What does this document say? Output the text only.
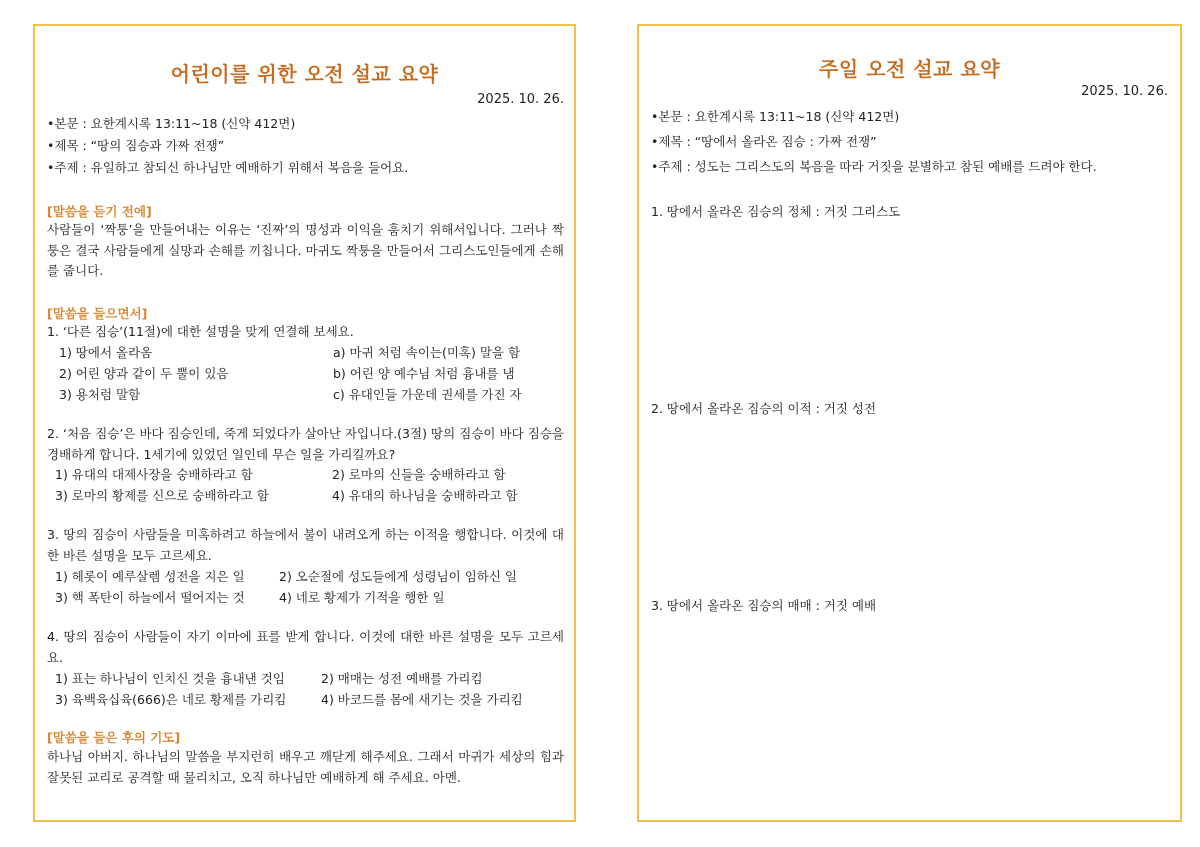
어린이를 위한 오전 설교 요약
2025. 10. 26.
•본문 : 요한계시록 13:11~18 (신약 412면)
•제목 : “땅의 짐승과 가짜 전쟁”
•주제 : 유일하고 참되신 하나님만 예배하기 위해서 복음을 들어요.
[말씀을 듣기 전에]
사람들이 ‘짝퉁’을 만들어내는 이유는 ‘진짜’의 명성과 이익을 훔치기 위해서입니다. 그러나 짝퉁은 결국 사람들에게 실망과 손해를 끼칩니다. 마귀도 짝퉁을 만들어서 그리스도인들에게 손해를 줍니다.
[말씀을 들으면서]
1. ‘다른 짐승’(11절)에 대한 설명을 맞게 연결해 보세요.
1) 땅에서 올라옴	a) 마귀 처럼 속이는(미혹) 말을 함
2) 어린 양과 같이 두 뿔이 있음	b) 어린 양 예수님 처럼 흉내를 냄
3) 용처럼 말함	c) 유대인들 가운데 권세를 가진 자
2. ‘처음 짐승’은 바다 짐승인데, 죽게 되었다가 살아난 자입니다.(3절) 땅의 짐승이 바다 짐승을 경배하게 합니다. 1세기에 있었던 일인데 무슨 일을 가리킬까요?
1) 유대의 대제사장을 숭배하라고 함	2) 로마의 신들을 숭배하라고 함
3) 로마의 황제를 신으로 숭배하라고 함	4) 유대의 하나님을 숭배하라고 함
3. 땅의 짐승이 사람들을 미혹하려고 하늘에서 불이 내려오게 하는 이적을 행합니다. 이것에 대한 바른 설명을 모두 고르세요.
1) 헤롯이 예루살렘 성전을 지은 일	2) 오순절에 성도들에게 성령님이 임하신 일
3) 핵 폭탄이 하늘에서 떨어지는 것	4) 네로 황제가 기적을 행한 일
4. 땅의 짐승이 사람들이 자기 이마에 표를 받게 합니다. 이것에 대한 바른 설명을 모두 고르세요.
1) 표는 하나님이 인치신 것을 흉내낸 것임	2) 매매는 성전 예배를 가리킴
3) 육백육십육(666)은 네로 황제를 가리킴	4) 바코드를 몸에 새기는 것을 가리킴
[말씀을 들은 후의 기도]
하나님 아버지. 하나님의 말씀을 부지런히 배우고 깨닫게 해주세요. 그래서 마귀가 세상의 힘과 잘못된 교리로 공격할 때 물리치고, 오직 하나님만 예배하게 해 주세요. 아멘.
주일 오전 설교 요약
2025. 10. 26.
•본문 : 요한계시록 13:11~18 (신약 412면)
•제목 : “땅에서 올라온 짐승 : 가짜 전쟁”
•주제 : 성도는 그리스도의 복음을 따라 거짓을 분별하고 참된 예배를 드려야 한다.
1. 땅에서 올라온 짐승의 정체 : 거짓 그리스도
2. 땅에서 올라온 짐승의 이적 : 거짓 성전
3. 땅에서 올라온 짐승의 매매 : 거짓 예배
